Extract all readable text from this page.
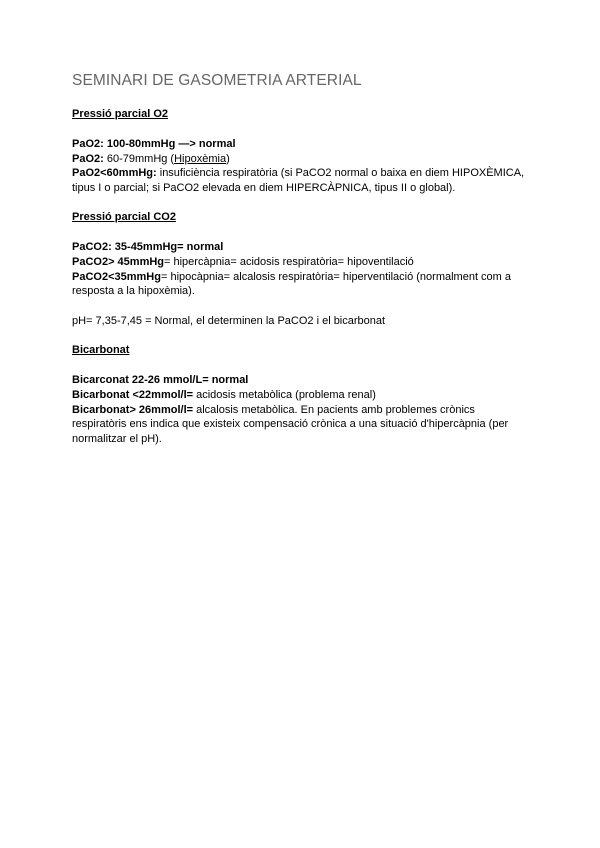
SEMINARI DE GASOMETRIA ARTERIAL
Pressió parcial O2

PaO2: 100-80mmHg —> normal

PaO2: 60-79mmHg (Hipoxèmia)

PaO2<60mmHg: insuficiència respiratòria (si PaCO2 normal o baixa en diem HIPOXÈMICA, tipus I o parcial; si PaCO2 elevada en diem HIPERCÀPNICA, tipus II o global).

Pressió parcial CO2

PaCO2: 35-45mmHg= normal

PaCO2> 45mmHg= hipercàpnia= acidosis respiratòria= hipoventilació

PaCO2<35mmHg= hipocàpnia= alcalosis respiratòria= hiperventilació (normalment com a resposta a la hipoxèmia).

pH= 7,35-7,45 = Normal, el determinen la PaCO2 i el bicarbonat

Bicarbonat

Bicarconat 22-26 mmol/L= normal

Bicarbonat <22mmol/l= acidosis metabòlica (problema renal)

Bicarbonat> 26mmol/l= alcalosis metabòlica. En pacients amb problemes crònics respiratòris ens indica que existeix compensació crònica a una situació d'hipercàpnia (per normalitzar el pH).
